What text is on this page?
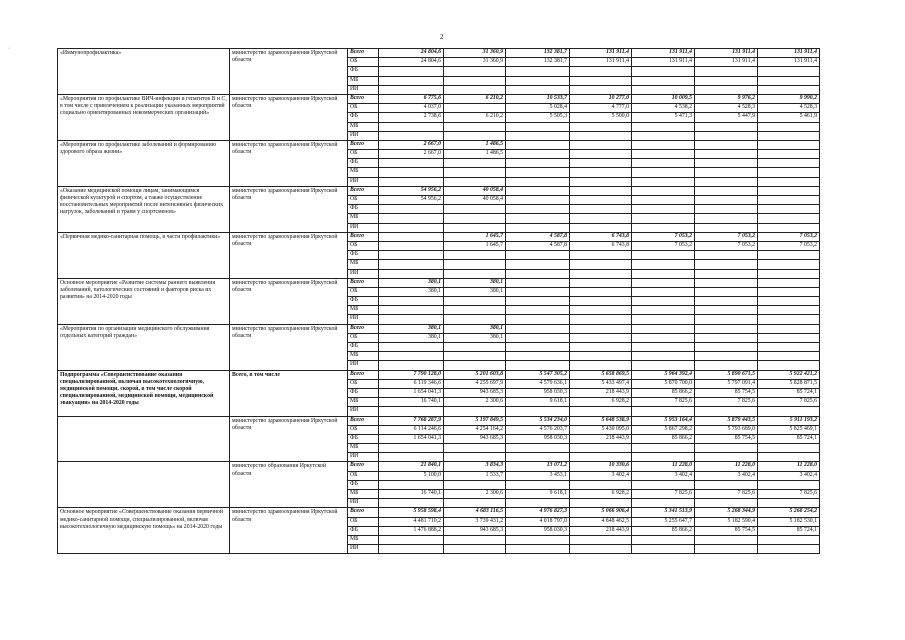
2
·
«Иммунопрофилактика»	министерство здравоохранения Иркутской области	Всего	24 804,6	31 360,9	132 381,7	131 911,4	131 911,4	131 911,4	131 911,4
		ОБ	24 804,6	31 360,9	132 381,7	131 911,4	131 911,4	131 911,4	131 911,4
		ФБ							
		МБ							
		ИИ							
«Мероприятия по профилактике ВИЧ-инфекции и гепатитов В и С, в том числе с привлечением к реализации указанных мероприятий социально ориентированных некоммерческих организаций»	министерство здравоохранения Иркутской области	Всего	6 775,6	6 210,2	10 533,7	10 277,0	10 009,5	9 976,2	9 990,2
		ОБ	4 037,0		5 028,4	4 777,0	4 538,2	4 528,3	4 528,3
		ФБ	2 738,6	6 210,2	5 505,3	5 500,0	5 471,3	5 447,9	5 461,9
		МБ							
		ИИ							
«Мероприятия по профилактике заболеваний и формированию здорового образа жизни»	министерство здравоохранения Иркутской области	Всего	2 667,0	1 486,5					
		ОБ	2 667,0	1 486,5					
		ФБ							
		МБ							
		ИИ							
«Оказание медицинской помощи лицам, занимающимся физической культурой и спортом, а также осуществление восстановительных мероприятий после интенсивных физических нагрузок, заболеваний и травм у спортсменов»	министерство здравоохранения Иркутской области	Всего	54 956,2	40 058,4					
		ОБ	54 956,2	40 058,4					
		ФБ							
		МБ							
		ИИ							
«Первичная медико-санитарная помощь, в части профилактики»	министерство здравоохранения Иркутской области	Всего		1 645,7	4 587,8	6 743,8	7 053,2	7 053,2	7 053,2
		ОБ		1 645,7	4 587,8	6 743,8	7 053,2	7 053,2	7 053,2
		ФБ							
		МБ							
		ИИ							
Основное мероприятие «Развитие системы раннего выявления заболеваний, патологических состояний и факторов риска их развития» на 2014-2020 годы	министерство здравоохранения Иркутской области	Всего	380,1	380,1					
		ОБ	380,1	380,1					
		ФБ							
		МБ							
		ИИ							
«Мероприятия по организации медицинского обслуживания отдельных категорий граждан»	министерство здравоохранения Иркутской области	Всего	380,1	380,1					
		ОБ	380,1	380,1					
		ФБ							
		МБ							
		ИИ							
Подпрограмма «Совершенствование оказания специализированной, включая высокотехнологичную, медицинской помощи, скорой, в том числе скорой специализированной, медицинской помощи, медицинской эвакуации» на 2014-2020 годы	Всего, в том числе	Всего	7 790 128,0	5 201 603,8	5 547 305,2	5 658 869,5	5 964 392,4	5 890 671,5	5 922 421,2
		ОБ	6 119 346,6	4 255 697,9	4 579 636,1	5 433 497,4	5 870 700,0	5 797 091,4	5 828 871,5
		ФБ	1 654 041,3	943 685,3	958 030,3	218 443,9	85 866,2	85 754,5	85 724,1
		МБ	16 740,1	2 300,6	9 618,1	6 928,2	7 825,6	7 825,6	7 825,6
		ИИ							
	министерство здравоохранения Иркутской области	Всего	7 768 287,9	5 197 849,5	5 534 234,0	5 648 538,9	5 953 164,4	5 879 443,5	5 911 193,2
		ОБ	6 114 246,6	4 254 164,2	4 576 203,7	5 430 095,0	5 867 298,2	5 793 689,0	5 825 469,1
		ФБ	1 654 041,3	943 685,3	958 030,3	218 443,9	85 866,2	85 754,5	85 724,1
		МБ							
		ИИ							
	министерство образования Иркутской области	Всего	21 840,1	3 834,3	13 071,2	10 330,6	11 228,0	11 228,0	11 228,0
		ОБ	5 100,0	1 533,7	3 453,1	3 402,4	3 402,4	3 402,4	3 402,4
		ФБ							
		МБ	16 740,1	2 300,6	9 618,1	6 928,2	7 825,6	7 825,6	7 825,6
		ИИ							
Основное мероприятие «Совершенствование оказания первичной медико-санитарной помощи, специализированной, включая высокотехнологичную медицинскую помощь» на 2014-2020 годы	министерство здравоохранения Иркутской области	Всего	5 958 598,4	4 683 116,5	4 976 827,3	5 066 906,4	5 341 513,9	5 268 344,9	5 268 254,2
		ОБ	4 481 710,2	3 739 431,2	4 018 797,0	4 848 462,5	5 255 647,7	5 182 590,4	5 182 530,1
		ФБ	1 476 888,2	943 685,3	958 030,3	218 443,9	85 866,2	85 754,5	85 724,1
		МБ							
		ИИ							
